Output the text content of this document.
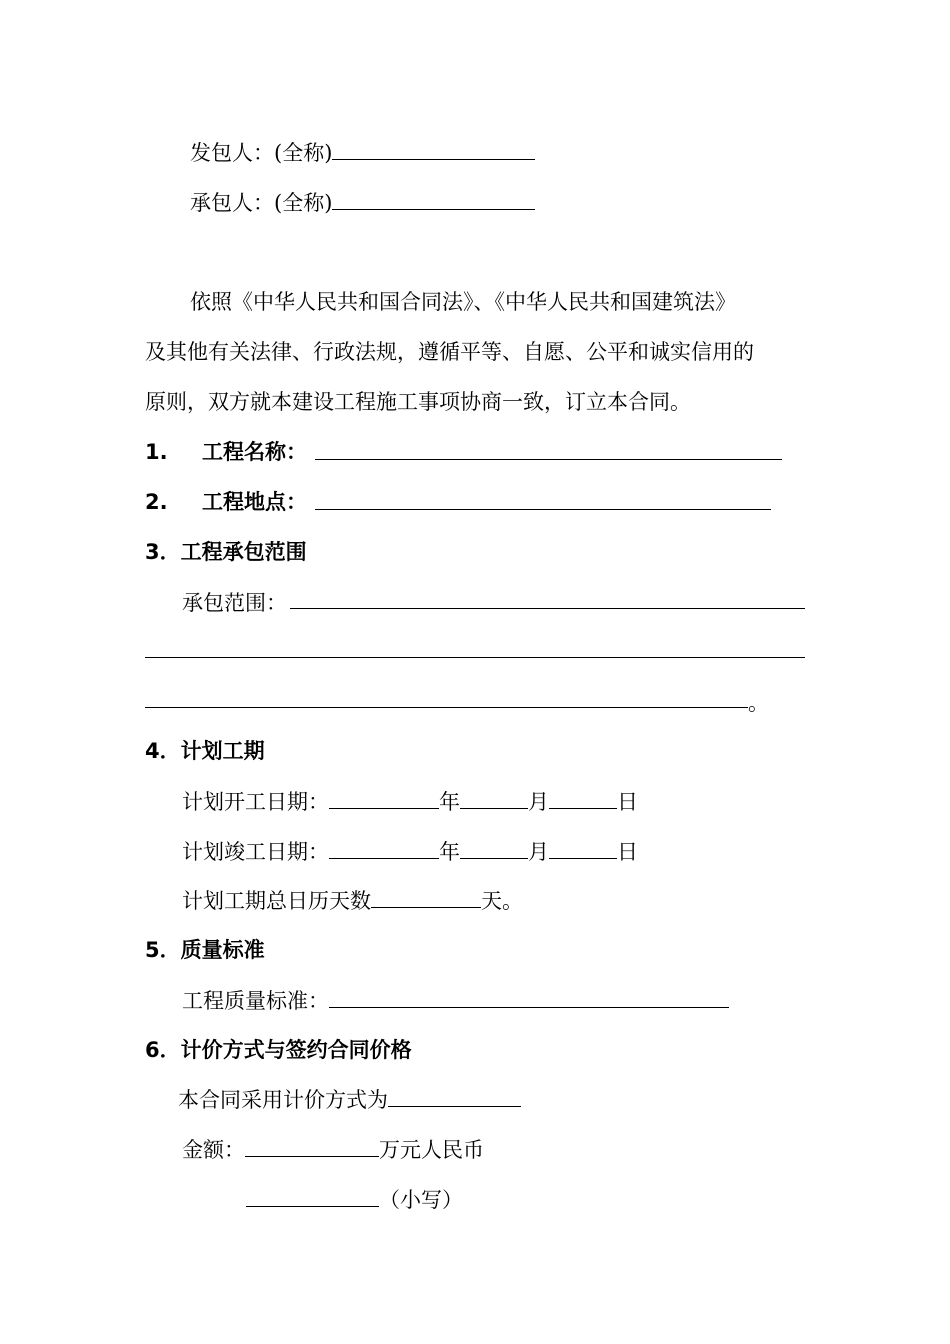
发包人：(全称)
承包人：(全称)
依照《中华人民共和国合同法》、《中华人民共和国建筑法》
及其他有关法律、行政法规，遵循平等、自愿、公平和诚实信用的
原则，双方就本建设工程施工事项协商一致，订立本合同。
1. 工程名称：
2. 工程地点：
3．工程承包范围
承包范围：
。
4．计划工期
计划开工日期：	年	月	日
计划竣工日期：	年	月	日
计划工期总日历天数	天。
5．质量标准
工程质量标准：
6．计价方式与签约合同价格
本合同采用计价方式为
金额：	万元人民币
（小写）
